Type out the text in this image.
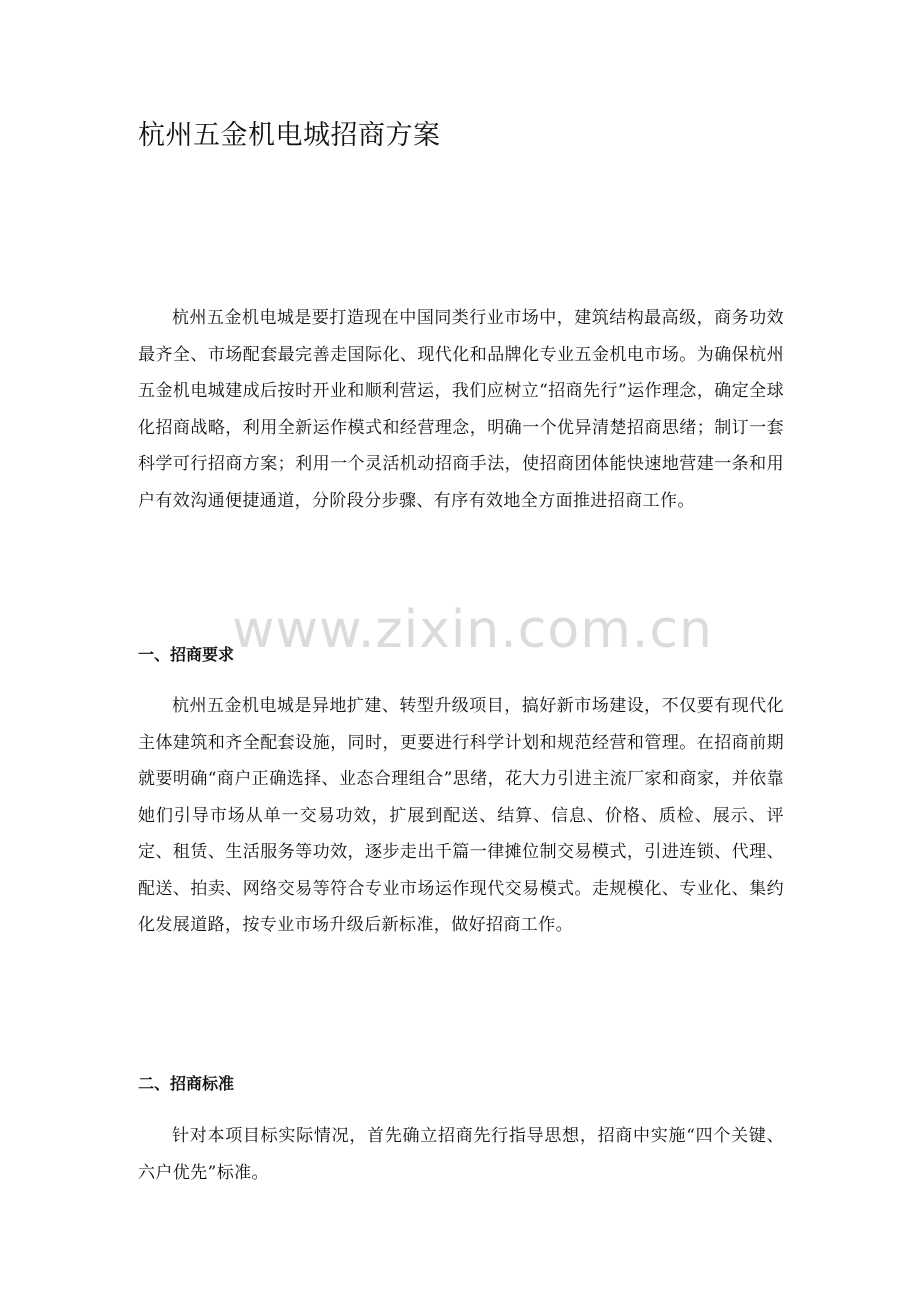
杭州五金机电城招商方案

杭州五金机电城是要打造现在中国同类行业市场中，建筑结构最高级，商务功效最齐全、市场配套最完善走国际化、现代化和品牌化专业五金机电市场。为确保杭州五金机电城建成后按时开业和顺利营运，我们应树立“招商先行”运作理念，确定全球化招商战略，利用全新运作模式和经营理念，明确一个优异清楚招商思绪；制订一套科学可行招商方案；利用一个灵活机动招商手法，使招商团体能快速地营建一条和用户有效沟通便捷通道，分阶段分步骤、有序有效地全方面推进招商工作。

www.zixin.com.cn
一、招商要求

杭州五金机电城是异地扩建、转型升级项目，搞好新市场建设，不仅要有现代化主体建筑和齐全配套设施，同时，更要进行科学计划和规范经营和管理。在招商前期就要明确“商户正确选择、业态合理组合”思绪，花大力引进主流厂家和商家，并依靠她们引导市场从单一交易功效，扩展到配送、结算、信息、价格、质检、展示、评定、租赁、生活服务等功效，逐步走出千篇一律摊位制交易模式，引进连锁、代理、配送、拍卖、网络交易等符合专业市场运作现代交易模式。走规模化、专业化、集约化发展道路，按专业市场升级后新标准，做好招商工作。

二、招商标准

针对本项目标实际情况，首先确立招商先行指导思想，招商中实施“四个关键、六户优先”标准。
